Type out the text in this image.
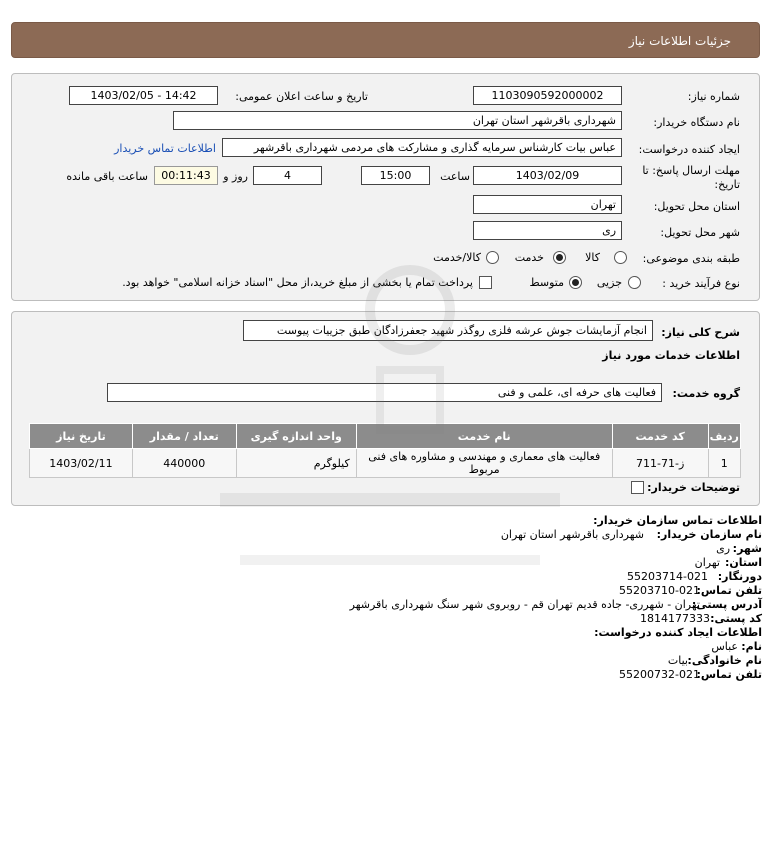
جزئیات اطلاعات نیاز
شماره نیاز:
1103090592000002
تاریخ و ساعت اعلان عمومی:
1403/02/05 - 14:42
نام دستگاه خریدار:
شهرداری باقرشهر استان تهران
ایجاد کننده درخواست:
عباس بیات کارشناس سرمایه گذاری و مشارکت های مردمی شهرداری باقرشهر
اطلاعات تماس خریدار
مهلت ارسال پاسخ: تا
تاریخ:
1403/02/09
ساعت
15:00
4
روز و
00:11:43
ساعت باقی مانده
استان محل تحویل:
تهران
شهر محل تحویل:
ری
طبقه بندی موضوعی:
کالا
خدمت
کالا/خدمت
نوع فرآیند خرید :
جزیی
متوسط
پرداخت تمام یا بخشی از مبلغ خرید،از محل "اسناد خزانه اسلامی" خواهد بود.
شرح کلی نیاز:
انجام آزمایشات جوش عرشه فلزی روگذر شهید جعفرزادگان طبق جزییات پیوست
اطلاعات خدمات مورد نیاز
گروه خدمت:
فعالیت های حرفه ای، علمی و فنی
ردیف	کد خدمت	نام خدمت	واحد اندازه گیری	تعداد / مقدار	تاریخ نیاز
1	ز-71-711	فعالیت های معماری و مهندسی و مشاوره های فنی مربوط	کیلوگرم	440000	1403/02/11
توضیحات خریدار:
اطلاعات تماس سازمان خریدار:
نام سازمان خریدار:
شهرداری باقرشهر استان تهران
شهر:
ری
استان:
تهران
دورنگار:
55203714-021
تلفن تماس:
55203710-021
آدرس پستی:
تهران - شهرری- جاده قدیم تهران قم - روبروی شهر سنگ شهرداری باقرشهر
کد پستی:
1814177333
اطلاعات ایجاد کننده درخواست:
نام:
عباس
نام خانوادگی:
بیات
تلفن تماس:
55200732-021
